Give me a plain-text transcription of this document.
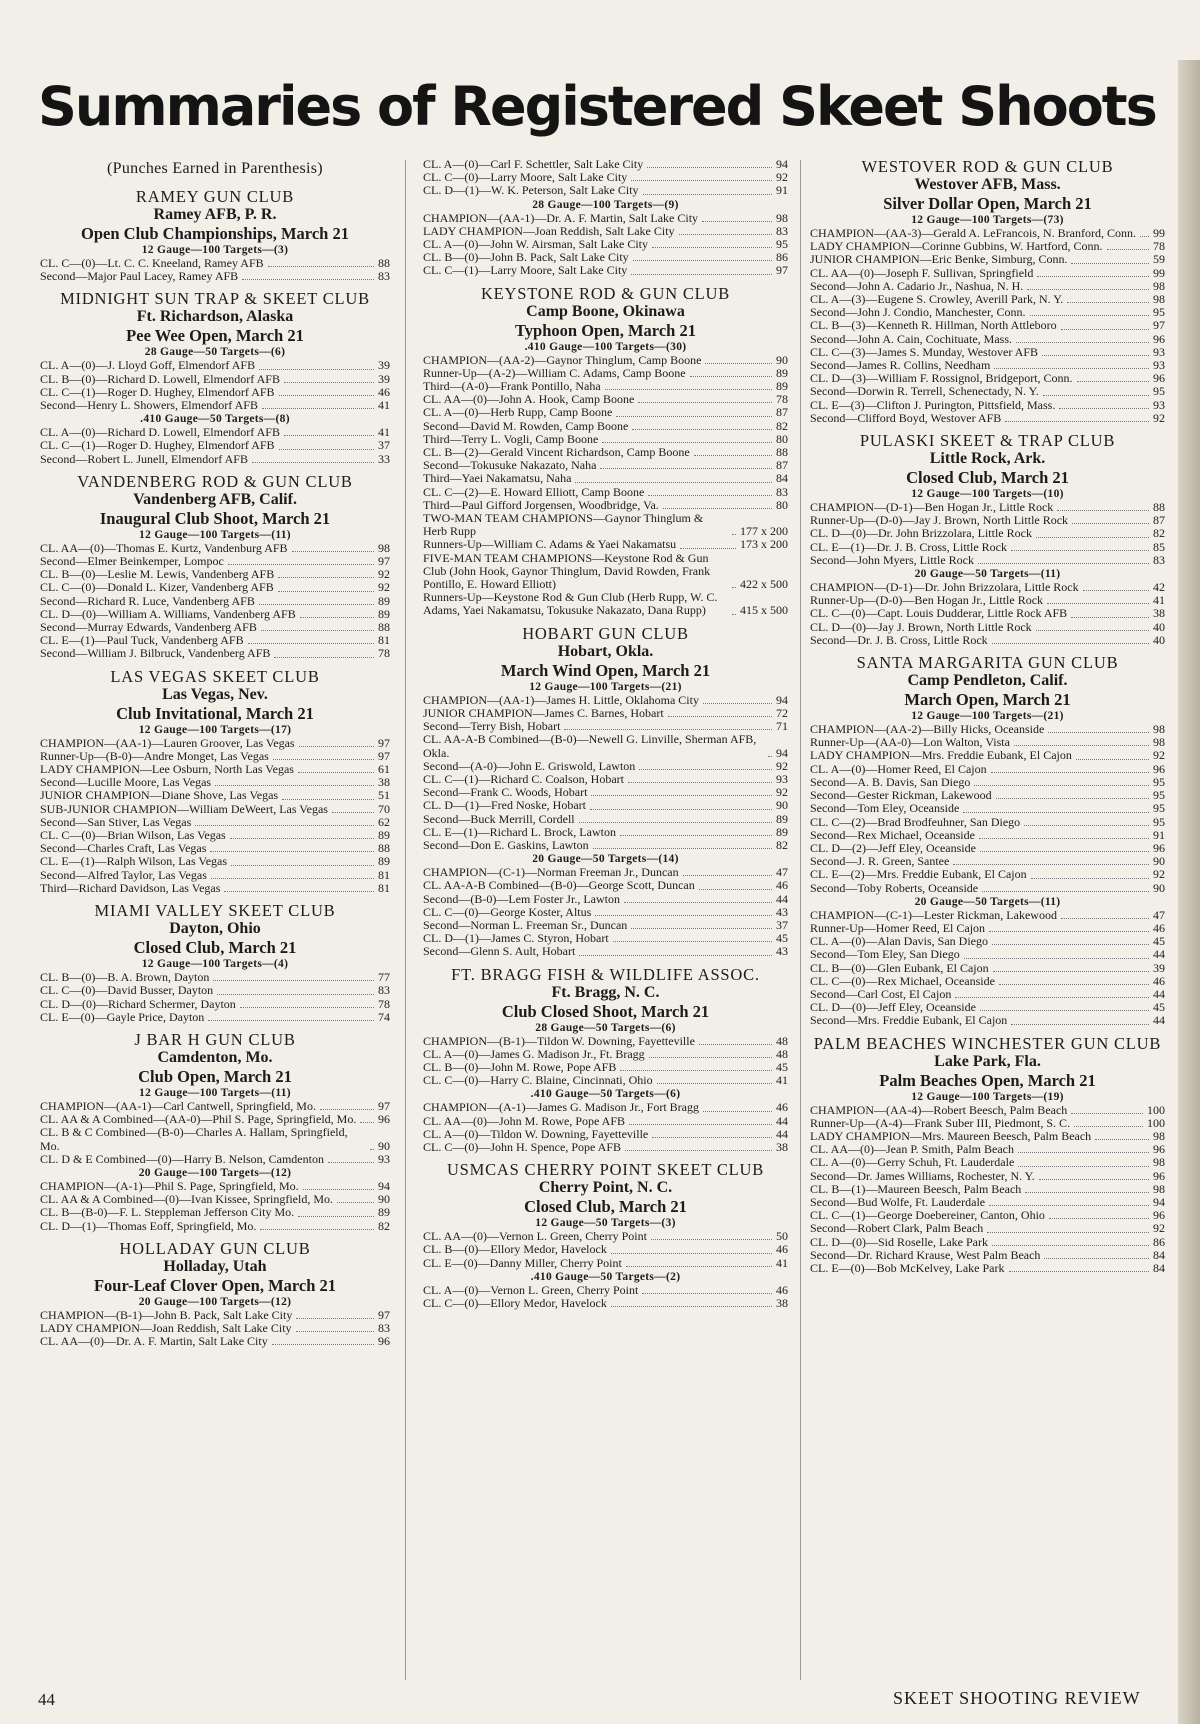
Summaries of Registered Skeet Shoots
(Punches Earned in Parenthesis)
RAMEY GUN CLUB
Ramey AFB, P. R.
Open Club Championships, March 21
12 Gauge—100 Targets—(3)
CL. C—(0)—Lt. C. C. Kneeland, Ramey AFB	88
Second—Major Paul Lacey, Ramey AFB	83
MIDNIGHT SUN TRAP & SKEET CLUB
Ft. Richardson, Alaska
Pee Wee Open, March 21
28 Gauge—50 Targets—(6)
CL. A—(0)—J. Lloyd Goff, Elmendorf AFB	39
CL. B—(0)—Richard D. Lowell, Elmendorf AFB	39
CL. C—(1)—Roger D. Hughey, Elmendorf AFB	46
Second—Henry L. Showers, Elmendorf AFB	41
.410 Gauge—50 Targets—(8)
CL. A—(0)—Richard D. Lowell, Elmendorf AFB	41
CL. C—(1)—Roger D. Hughey, Elmendorf AFB	37
Second—Robert L. Junell, Elmendorf AFB	33
VANDENBERG ROD & GUN CLUB
Vandenberg AFB, Calif.
Inaugural Club Shoot, March 21
12 Gauge—100 Targets—(11)
CL. AA—(0)—Thomas E. Kurtz, Vandenburg AFB	98
Second—Elmer Beinkemper, Lompoc	97
CL. B—(0)—Leslie M. Lewis, Vandenberg AFB	92
CL. C—(0)—Donald L. Kizer, Vandenberg AFB	92
Second—Richard R. Luce, Vandenberg AFB	89
CL. D—(0)—William A. Williams, Vandenberg AFB	89
Second—Murray Edwards, Vandenberg AFB	88
CL. E—(1)—Paul Tuck, Vandenberg AFB	81
Second—William J. Bilbruck, Vandenberg AFB	78
LAS VEGAS SKEET CLUB
Las Vegas, Nev.
Club Invitational, March 21
12 Gauge—100 Targets—(17)
CHAMPION—(AA-1)—Lauren Groover, Las Vegas	97
Runner-Up—(B-0)—Andre Monget, Las Vegas	97
LADY CHAMPION—Lee Osburn, North Las Vegas	61
Second—Lucille Moore, Las Vegas	38
JUNIOR CHAMPION—Diane Shove, Las Vegas	51
SUB-JUNIOR CHAMPION—William DeWeert, Las Vegas	70
Second—San Stiver, Las Vegas	62
CL. C—(0)—Brian Wilson, Las Vegas	89
Second—Charles Craft, Las Vegas	88
CL. E—(1)—Ralph Wilson, Las Vegas	89
Second—Alfred Taylor, Las Vegas	81
Third—Richard Davidson, Las Vegas	81
MIAMI VALLEY SKEET CLUB
Dayton, Ohio
Closed Club, March 21
12 Gauge—100 Targets—(4)
CL. B—(0)—B. A. Brown, Dayton	77
CL. C—(0)—David Busser, Dayton	83
CL. D—(0)—Richard Schermer, Dayton	78
CL. E—(0)—Gayle Price, Dayton	74
J BAR H GUN CLUB
Camdenton, Mo.
Club Open, March 21
12 Gauge—100 Targets—(11)
CHAMPION—(AA-1)—Carl Cantwell, Springfield, Mo.	97
CL. AA & A Combined—(AA-0)—Phil S. Page, Springfield, Mo. 96
CL. B & C Combined—(B-0)—Charles A. Hallam, Springfield, Mo.	90
CL. D & E Combined—(0)—Harry B. Nelson, Camdenton	93
20 Gauge—100 Targets—(12)
CHAMPION—(A-1)—Phil S. Page, Springfield, Mo.	94
CL. AA & A Combined—(0)—Ivan Kissee, Springfield, Mo.	90
CL. B—(B-0)—F. L. Steppleman Jefferson City Mo.	89
CL. D—(1)—Thomas Eoff, Springfield, Mo.	82
HOLLADAY GUN CLUB
Holladay, Utah
Four-Leaf Clover Open, March 21
20 Gauge—100 Targets—(12)
CHAMPION—(B-1)—John B. Pack, Salt Lake City	97
LADY CHAMPION—Joan Reddish, Salt Lake City	83
CL. AA—(0)—Dr. A. F. Martin, Salt Lake City	96
CL. A—(0)—Carl F. Schettler, Salt Lake City	94
CL. C—(0)—Larry Moore, Salt Lake City	92
CL. D—(1)—W. K. Peterson, Salt Lake City	91
28 Gauge—100 Targets—(9)
CHAMPION—(AA-1)—Dr. A. F. Martin, Salt Lake City	98
LADY CHAMPION—Joan Reddish, Salt Lake City	83
CL. A—(0)—John W. Airsman, Salt Lake City	95
CL. B—(0)—John B. Pack, Salt Lake City	86
CL. C—(1)—Larry Moore, Salt Lake City	97
KEYSTONE ROD & GUN CLUB
Camp Boone, Okinawa
Typhoon Open, March 21
.410 Gauge—100 Targets—(30)
CHAMPION—(AA-2)—Gaynor Thinglum, Camp Boone	90
Runner-Up—(A-2)—William C. Adams, Camp Boone	89
Third—(A-0)—Frank Pontillo, Naha	89
CL. AA—(0)—John A. Hook, Camp Boone	78
CL. A—(0)—Herb Rupp, Camp Boone	87
Second—David M. Rowden, Camp Boone	82
Third—Terry L. Vogli, Camp Boone	80
CL. B—(2)—Gerald Vincent Richardson, Camp Boone	88
Second—Tokusuke Nakazato, Naha	87
Third—Yaei Nakamatsu, Naha	84
CL. C—(2)—E. Howard Elliott, Camp Boone	83
Third—Paul Gifford Jorgensen, Woodbridge, Va.	80
TWO-MAN TEAM CHAMPIONS—Gaynor Thinglum & Herb Rupp	177 x 200
Runners-Up—William C. Adams & Yaei Nakamatsu	173 x 200
FIVE-MAN TEAM CHAMPIONS—Keystone Rod & Gun Club (John Hook, Gaynor Thinglum, David Rowden, Frank Pontillo, E. Howard Elliott)	422 x 500
Runners-Up—Keystone Rod & Gun Club (Herb Rupp, W. C. Adams, Yaei Nakamatsu, Tokusuke Nakazato, Dana Rupp)	415 x 500
HOBART GUN CLUB
Hobart, Okla.
March Wind Open, March 21
12 Gauge—100 Targets—(21)
CHAMPION—(AA-1)—James H. Little, Oklahoma City	94
JUNIOR CHAMPION—James C. Barnes, Hobart	72
Second—Terry Bish, Hobart	71
CL. AA-A-B Combined—(B-0)—Newell G. Linville, Sherman AFB, Okla.	94
Second—(A-0)—John E. Griswold, Lawton	92
CL. C—(1)—Richard C. Coalson, Hobart	93
Second—Frank C. Woods, Hobart	92
CL. D—(1)—Fred Noske, Hobart	90
Second—Buck Merrill, Cordell	89
CL. E—(1)—Richard L. Brock, Lawton	89
Second—Don E. Gaskins, Lawton	82
20 Gauge—50 Targets—(14)
CHAMPION—(C-1)—Norman Freeman Jr., Duncan	47
CL. AA-A-B Combined—(B-0)—George Scott, Duncan	46
Second—(B-0)—Lem Foster Jr., Lawton	44
CL. C—(0)—George Koster, Altus	43
Second—Norman L. Freeman Sr., Duncan	37
CL. D—(1)—James C. Styron, Hobart	45
Second—Glenn S. Ault, Hobart	43
FT. BRAGG FISH & WILDLIFE ASSOC.
Ft. Bragg, N. C.
Club Closed Shoot, March 21
28 Gauge—50 Targets—(6)
CHAMPION—(B-1)—Tildon W. Downing, Fayetteville	48
CL. A—(0)—James G. Madison Jr., Ft. Bragg	48
CL. B—(0)—John M. Rowe, Pope AFB	45
CL. C—(0)—Harry C. Blaine, Cincinnati, Ohio	41
.410 Gauge—50 Targets—(6)
CHAMPION—(A-1)—James G. Madison Jr., Fort Bragg	46
CL. AA—(0)—John M. Rowe, Pope AFB	44
CL. A—(0)—Tildon W. Downing, Fayetteville	44
CL. C—(0)—John H. Spence, Pope AFB	38
USMCAS CHERRY POINT SKEET CLUB
Cherry Point, N. C.
Closed Club, March 21
12 Gauge—50 Targets—(3)
CL. AA—(0)—Vernon L. Green, Cherry Point	50
CL. B—(0)—Ellory Medor, Havelock	46
CL. E—(0)—Danny Miller, Cherry Point	41
.410 Gauge—50 Targets—(2)
CL. A—(0)—Vernon L. Green, Cherry Point	46
CL. C—(0)—Ellory Medor, Havelock	38
WESTOVER ROD & GUN CLUB
Westover AFB, Mass.
Silver Dollar Open, March 21
12 Gauge—100 Targets—(73)
CHAMPION—(AA-3)—Gerald A. LeFrancois, N. Branford, Conn. 99
LADY CHAMPION—Corinne Gubbins, W. Hartford, Conn.	78
JUNIOR CHAMPION—Eric Benke, Simburg, Conn.	59
CL. AA—(0)—Joseph F. Sullivan, Springfield	99
Second—John A. Cadario Jr., Nashua, N. H.	98
CL. A—(3)—Eugene S. Crowley, Averill Park, N. Y.	98
Second—John J. Condio, Manchester, Conn.	95
CL. B—(3)—Kenneth R. Hillman, North Attleboro	97
Second—John A. Cain, Cochituate, Mass.	96
CL. C—(3)—James S. Munday, Westover AFB	93
Second—James R. Collins, Needham	93
CL. D—(3)—William F. Rossignol, Bridgeport, Conn.	96
Second—Dorwin R. Terrell, Schenectady, N. Y.	95
CL. E—(3)—Clifton J. Purington, Pittsfield, Mass.	93
Second—Clifford Boyd, Westover AFB	92
PULASKI SKEET & TRAP CLUB
Little Rock, Ark.
Closed Club, March 21
12 Gauge—100 Targets—(10)
CHAMPION—(D-1)—Ben Hogan Jr., Little Rock	88
Runner-Up—(D-0)—Jay J. Brown, North Little Rock	87
CL. D—(0)—Dr. John Brizzolara, Little Rock	82
CL. E—(1)—Dr. J. B. Cross, Little Rock	85
Second—John Myers, Little Rock	83
20 Gauge—50 Targets—(11)
CHAMPION—(D-1)—Dr. John Brizzolara, Little Rock	42
Runner-Up—(D-0)—Ben Hogan Jr., Little Rock	41
CL. C—(0)—Capt. Louis Dudderar, Little Rock AFB	38
CL. D—(0)—Jay J. Brown, North Little Rock	40
Second—Dr. J. B. Cross, Little Rock	40
SANTA MARGARITA GUN CLUB
Camp Pendleton, Calif.
March Open, March 21
12 Gauge—100 Targets—(21)
CHAMPION—(AA-2)—Billy Hicks, Oceanside	98
Runner-Up—(AA-0)—Lon Walton, Vista	98
LADY CHAMPION—Mrs. Freddie Eubank, El Cajon	92
CL. A—(0)—Homer Reed, El Cajon	96
Second—A. B. Davis, San Diego	95
Second—Gester Rickman, Lakewood	95
Second—Tom Eley, Oceanside	95
CL. C—(2)—Brad Brodfeuhner, San Diego	95
Second—Rex Michael, Oceanside	91
CL. D—(2)—Jeff Eley, Oceanside	96
Second—J. R. Green, Santee	90
CL. E—(2)—Mrs. Freddie Eubank, El Cajon	92
Second—Toby Roberts, Oceanside	90
20 Gauge—50 Targets—(11)
CHAMPION—(C-1)—Lester Rickman, Lakewood	47
Runner-Up—Homer Reed, El Cajon	46
CL. A—(0)—Alan Davis, San Diego	45
Second—Tom Eley, San Diego	44
CL. B—(0)—Glen Eubank, El Cajon	39
CL. C—(0)—Rex Michael, Oceanside	46
Second—Carl Cost, El Cajon	44
CL. D—(0)—Jeff Eley, Oceanside	45
Second—Mrs. Freddie Eubank, El Cajon	44
PALM BEACHES WINCHESTER GUN CLUB
Lake Park, Fla.
Palm Beaches Open, March 21
12 Gauge—100 Targets—(19)
CHAMPION—(AA-4)—Robert Beesch, Palm Beach	100
Runner-Up—(A-4)—Frank Suber III, Piedmont, S. C.	100
LADY CHAMPION—Mrs. Maureen Beesch, Palm Beach	98
CL. AA—(0)—Jean P. Smith, Palm Beach	96
CL. A—(0)—Gerry Schuh, Ft. Lauderdale	98
Second—Dr. James Williams, Rochester, N. Y.	96
CL. B—(1)—Maureen Beesch, Palm Beach	98
Second—Bud Wolfe, Ft. Lauderdale	94
CL. C—(1)—George Doebereiner, Canton, Ohio	96
Second—Robert Clark, Palm Beach	92
CL. D—(0)—Sid Roselle, Lake Park	86
Second—Dr. Richard Krause, West Palm Beach	84
CL. E—(0)—Bob McKelvey, Lake Park	84
44	SKEET SHOOTING REVIEW
